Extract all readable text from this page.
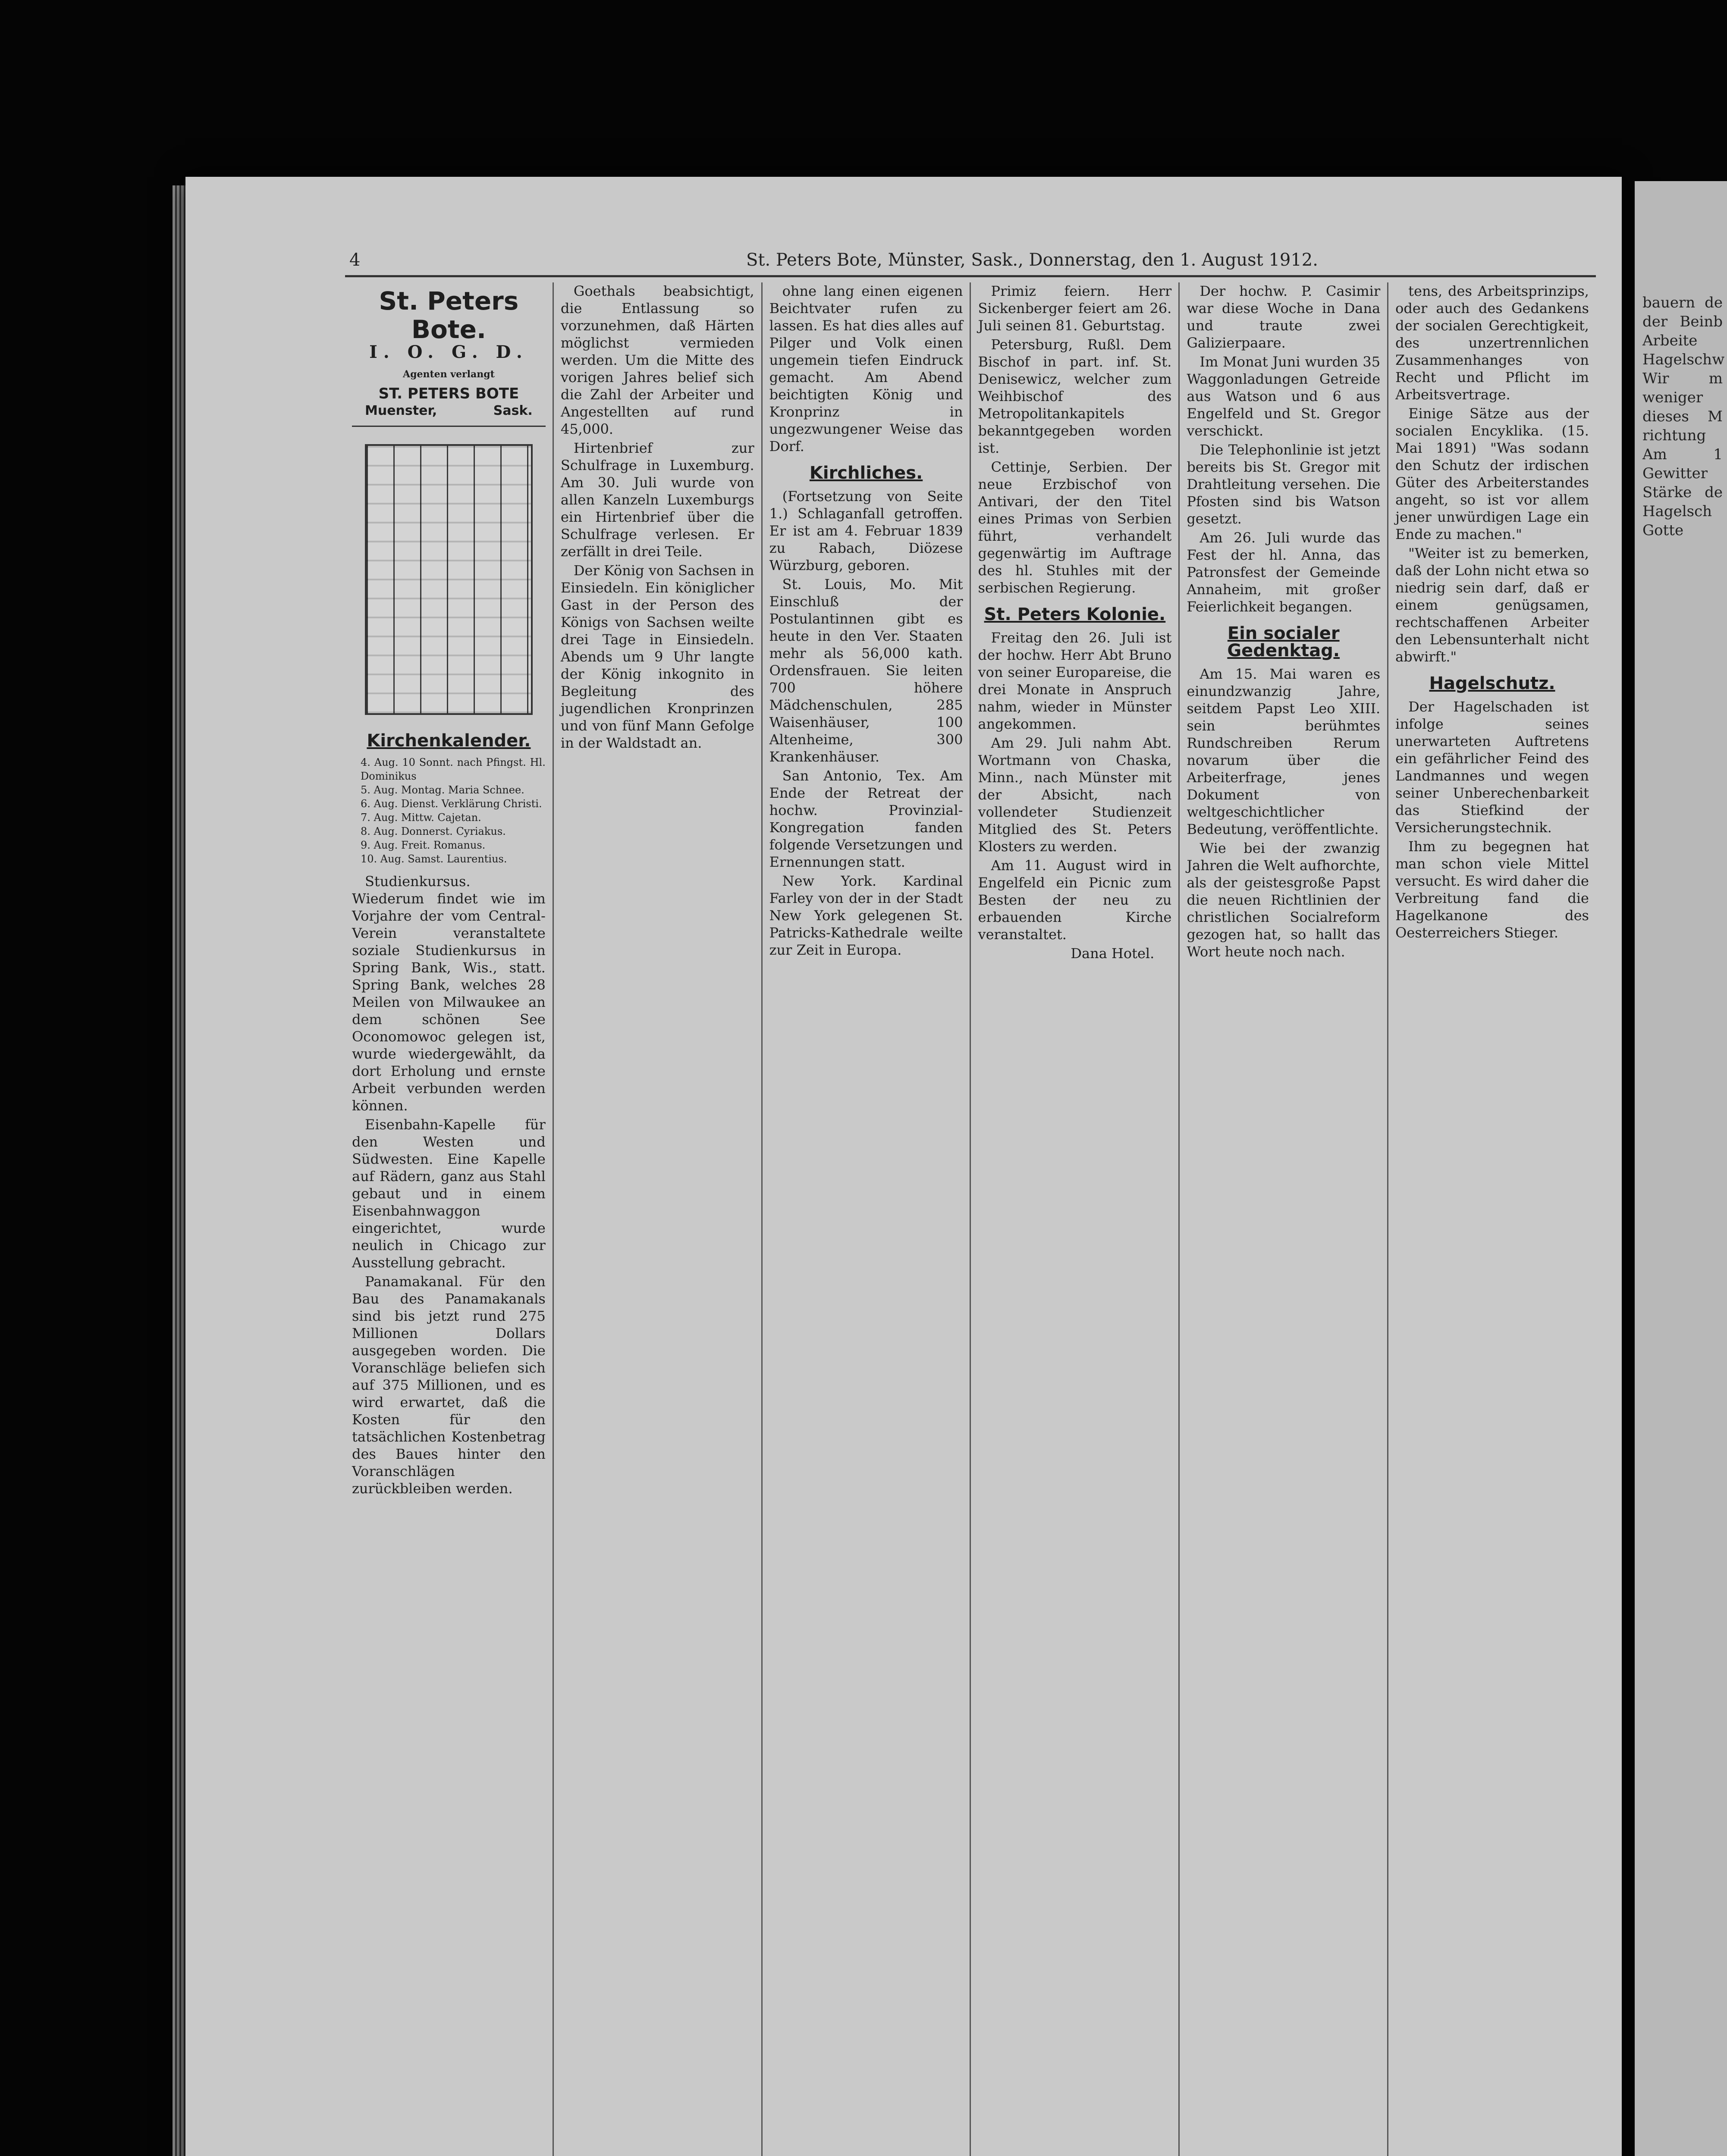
4	St. Peters Bote, Münster, Sask., Donnerstag, den 1. August 1912.
St. Peters Bote.
I. O. G. D.
Agenten verlangt
ST. PETERS BOTE
Muenster,	Sask.
Kirchenkalender.
4. Aug. 10 Sonnt. nach Pfingst. Hl. Dominikus
5. Aug. Montag. Maria Schnee.
6. Aug. Dienst. Verklärung Christi.
7. Aug. Mittw. Cajetan.
8. Aug. Donnerst. Cyriakus.
9. Aug. Freit. Romanus.
10. Aug. Samst. Laurentius.

Studienkursus. Wiederum findet wie im Vorjahre der vom Central-Verein veranstaltete soziale Studienkursus in Spring Bank, Wis., statt. Spring Bank, welches 28 Meilen von Milwaukee an dem schönen See Oconomowoc gelegen ist, wurde wiedergewählt, da dort Erholung und ernste Arbeit verbunden werden können.

Eisenbahn-Kapelle für den Westen und Südwesten. Eine Kapelle auf Rädern, ganz aus Stahl gebaut und in einem Eisenbahnwaggon eingerichtet, wurde neulich in Chicago zur Ausstellung gebracht.

Panamakanal. Für den Bau des Panamakanals sind bis jetzt rund 275 Millionen Dollars ausgegeben worden. Die Voranschläge beliefen sich auf 375 Millionen, und es wird erwartet, daß die Kosten für den tatsächlichen Kostenbetrag des Baues hinter den Voranschlägen zurückbleiben werden.

Goethals beabsichtigt, die Entlassung so vorzunehmen, daß Härten möglichst vermieden werden. Um die Mitte des vorigen Jahres belief sich die Zahl der Arbeiter und Angestellten auf rund 45,000.

Hirtenbrief zur Schulfrage in Luxemburg. Am 30. Juli wurde von allen Kanzeln Luxemburgs ein Hirtenbrief über die Schulfrage verlesen. Er zerfällt in drei Teile.

Der König von Sachsen in Einsiedeln. Ein königlicher Gast in der Person des Königs von Sachsen weilte drei Tage in Einsiedeln. Abends um 9 Uhr langte der König inkognito in Begleitung des jugendlichen Kronprinzen und von fünf Mann Gefolge in der Waldstadt an.

ohne lang einen eigenen Beichtvater rufen zu lassen. Es hat dies alles auf Pilger und Volk einen ungemein tiefen Eindruck gemacht. Am Abend beichtigten König und Kronprinz in ungezwungener Weise das Dorf.

Kirchliches.

(Fortsetzung von Seite 1.) Schlaganfall getroffen. Er ist am 4. Februar 1839 zu Rabach, Diözese Würzburg, geboren.

St. Louis, Mo. Mit Einschluß der Postulantinnen gibt es heute in den Ver. Staaten mehr als 56,000 kath. Ordensfrauen. Sie leiten 700 höhere Mädchenschulen, 285 Waisenhäuser, 100 Altenheime, 300 Krankenhäuser.

San Antonio, Tex. Am Ende der Retreat der hochw. Provinzial-Kongregation fanden folgende Versetzungen und Ernennungen statt.

New York. Kardinal Farley von der in der Stadt New York gelegenen St. Patricks-Kathedrale weilte zur Zeit in Europa.

Primiz feiern. Herr Sickenberger feiert am 26. Juli seinen 81. Geburtstag.

Petersburg, Rußl. Dem Bischof in part. inf. St. Denisewicz, welcher zum Weihbischof des Metropolitankapitels bekanntgegeben worden ist.

Cettinje, Serbien. Der neue Erzbischof von Antivari, der den Titel eines Primas von Serbien führt, verhandelt gegenwärtig im Auftrage des hl. Stuhles mit der serbischen Regierung.

St. Peters Kolonie.

Freitag den 26. Juli ist der hochw. Herr Abt Bruno von seiner Europareise, die drei Monate in Anspruch nahm, wieder in Münster angekommen.

Am 29. Juli nahm Abt. Wortmann von Chaska, Minn., nach Münster mit der Absicht, nach vollendeter Studienzeit Mitglied des St. Peters Klosters zu werden.

Am 11. August wird in Engelfeld ein Picnic zum Besten der neu zu erbauenden Kirche veranstaltet.

Dana Hotel.

Der hochw. P. Casimir war diese Woche in Dana und traute zwei Galizierpaare.

Im Monat Juni wurden 35 Waggonladungen Getreide aus Watson und 6 aus Engelfeld und St. Gregor verschickt.

Die Telephonlinie ist jetzt bereits bis St. Gregor mit Drahtleitung versehen. Die Pfosten sind bis Watson gesetzt.

Am 26. Juli wurde das Fest der hl. Anna, das Patronsfest der Gemeinde Annaheim, mit großer Feierlichkeit begangen.

Ein socialer Gedenktag.

Am 15. Mai waren es einundzwanzig Jahre, seitdem Papst Leo XIII. sein berühmtes Rundschreiben Rerum novarum über die Arbeiterfrage, jenes Dokument von weltgeschichtlicher Bedeutung, veröffentlichte.

Wie bei der zwanzig Jahren die Welt aufhorchte, als der geistesgroße Papst die neuen Richtlinien der christlichen Socialreform gezogen hat, so hallt das Wort heute noch nach.

tens, des Arbeitsprinzips, oder auch des Gedankens der socialen Gerechtigkeit, des unzertrennlichen Zusammenhanges von Recht und Pflicht im Arbeitsvertrage.

Einige Sätze aus der socialen Encyklika. (15. Mai 1891) "Was sodann den Schutz der irdischen Güter des Arbeiterstandes angeht, so ist vor allem jener unwürdigen Lage ein Ende zu machen."

"Weiter ist zu bemerken, daß der Lohn nicht etwa so niedrig sein darf, daß er einem genügsamen, rechtschaffenen Arbeiter den Lebensunterhalt nicht abwirft."

Hagelschutz.

Der Hagelschaden ist infolge seines unerwarteten Auftretens ein gefährlicher Feind des Landmannes und wegen seiner Unberechenbarkeit das Stiefkind der Versicherungstechnik.

Ihm zu begegnen hat man schon viele Mittel versucht. Es wird daher die Verbreitung fand die Hagelkanone des Oesterreichers Stieger.

bauern de der Beinb Arbeite Hagelschw Wir m weniger dieses M richtung Am 1 Gewitter Stärke de Hagelsch Gotte
